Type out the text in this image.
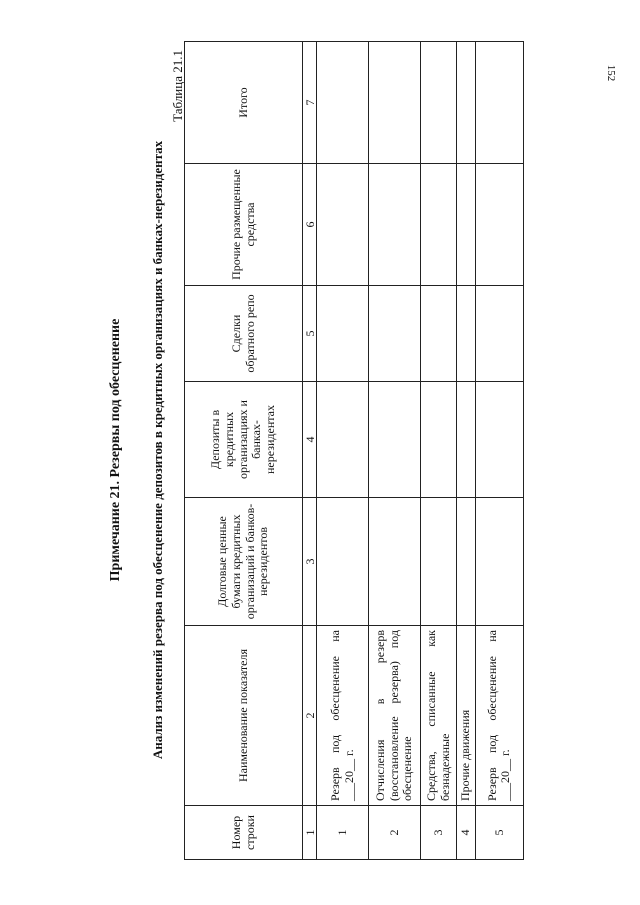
152
Примечание 21. Резервы под обесценение Анализ изменений резерва под обесценение депозитов в кредитных организациях и банках-нерезидентах
Таблица 21.1
Номер строки	Наименование показателя	Долговые ценные бумаги кредитных организаций и банков-нерезидентов	Депозиты в кредитных организациях и банках-нерезидентах	Сделки обратного репо	Прочие размещенные средства	Итого
1	2	3	4	5	6	7
1	Резерв под обесценение на ___20__ г.					
2	Отчисления в резерв (восстановление резерва) под обесценение					
3	Средства, списанные как безнадежные					
4	Прочие движения					
5	Резерв под обесценение на ___20__ г.					
